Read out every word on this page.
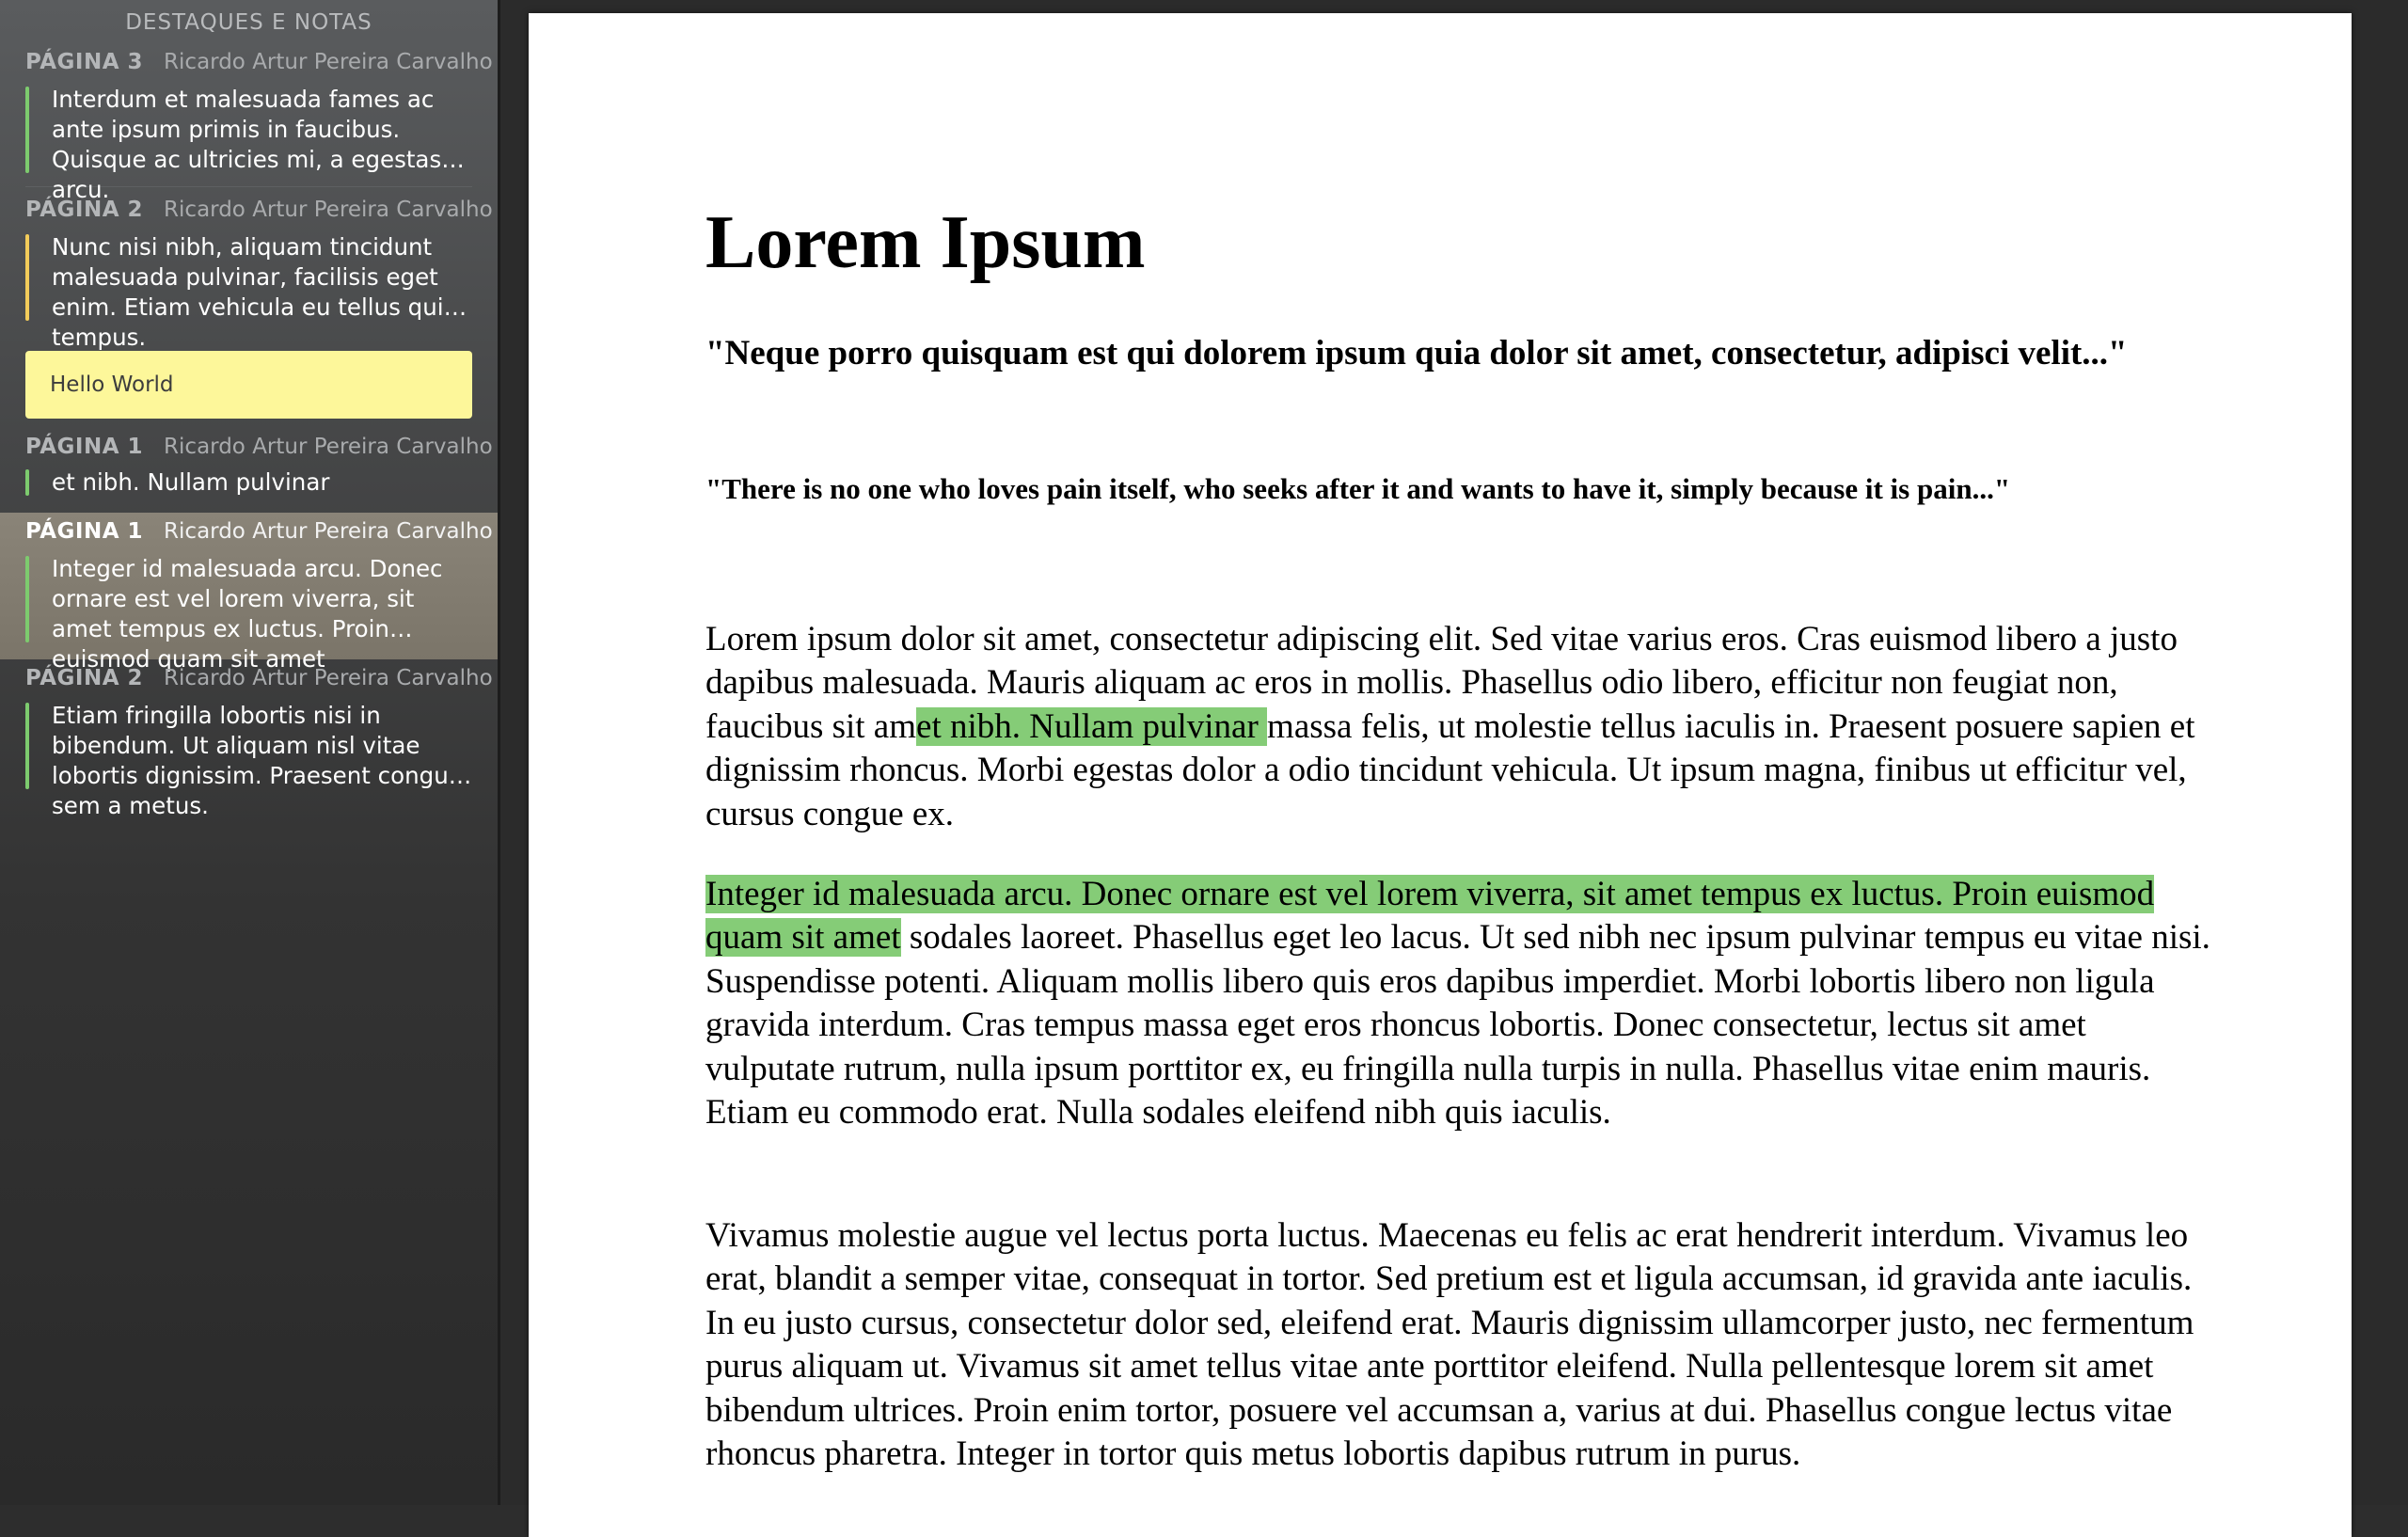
DESTAQUES E NOTAS
PÁGINA 3 Ricardo Artur Pereira Carvalho
Interdum et malesuada fames ac ante ipsum primis in faucibus. Quisque ac ultricies mi, a egestas arcu.
PÁGINA 2 Ricardo Artur Pereira Carvalho
Nunc nisi nibh, aliquam tincidunt malesuada pulvinar, facilisis eget enim. Etiam vehicula eu tellus quis tempus.
Hello World
PÁGINA 1 Ricardo Artur Pereira Carvalho
et nibh. Nullam pulvinar
PÁGINA 1 Ricardo Artur Pereira Carvalho
Integer id malesuada arcu. Donec ornare est vel lorem viverra, sit amet tempus ex luctus. Proin euismod quam sit amet
PÁGINA 2 Ricardo Artur Pereira Carvalho
Etiam fringilla lobortis nisi in bibendum. Ut aliquam nisl vitae lobortis dignissim. Praesent congue sem a metus.
Lorem Ipsum
"Neque porro quisquam est qui dolorem ipsum quia dolor sit amet, consectetur, adipisci velit..."
"There is no one who loves pain itself, who seeks after it and wants to have it, simply because it is pain..."

Lorem ipsum dolor sit amet, consectetur adipiscing elit. Sed vitae varius eros. Cras euismod libero a justo dapibus malesuada. Mauris aliquam ac eros in mollis. Phasellus odio libero, efficitur non feugiat non, faucibus sit amet nibh. Nullam pulvinar massa felis, ut molestie tellus iaculis in. Praesent posuere sapien et dignissim rhoncus. Morbi egestas dolor a odio tincidunt vehicula. Ut ipsum magna, finibus ut efficitur vel, cursus congue ex.

Integer id malesuada arcu. Donec ornare est vel lorem viverra, sit amet tempus ex luctus. Proin euismod quam sit amet sodales laoreet. Phasellus eget leo lacus. Ut sed nibh nec ipsum pulvinar tempus eu vitae nisi. Suspendisse potenti. Aliquam mollis libero quis eros dapibus imperdiet. Morbi lobortis libero non ligula gravida interdum. Cras tempus massa eget eros rhoncus lobortis. Donec consectetur, lectus sit amet vulputate rutrum, nulla ipsum porttitor ex, eu fringilla nulla turpis in nulla. Phasellus vitae enim mauris. Etiam eu commodo erat. Nulla sodales eleifend nibh quis iaculis.

Vivamus molestie augue vel lectus porta luctus. Maecenas eu felis ac erat hendrerit interdum. Vivamus leo erat, blandit a semper vitae, consequat in tortor. Sed pretium est et ligula accumsan, id gravida ante iaculis. In eu justo cursus, consectetur dolor sed, eleifend erat. Mauris dignissim ullamcorper justo, nec fermentum purus aliquam ut. Vivamus sit amet tellus vitae ante porttitor eleifend. Nulla pellentesque lorem sit amet bibendum ultrices. Proin enim tortor, posuere vel accumsan a, varius at dui. Phasellus congue lectus vitae rhoncus pharetra. Integer in tortor quis metus lobortis dapibus rutrum in purus.
